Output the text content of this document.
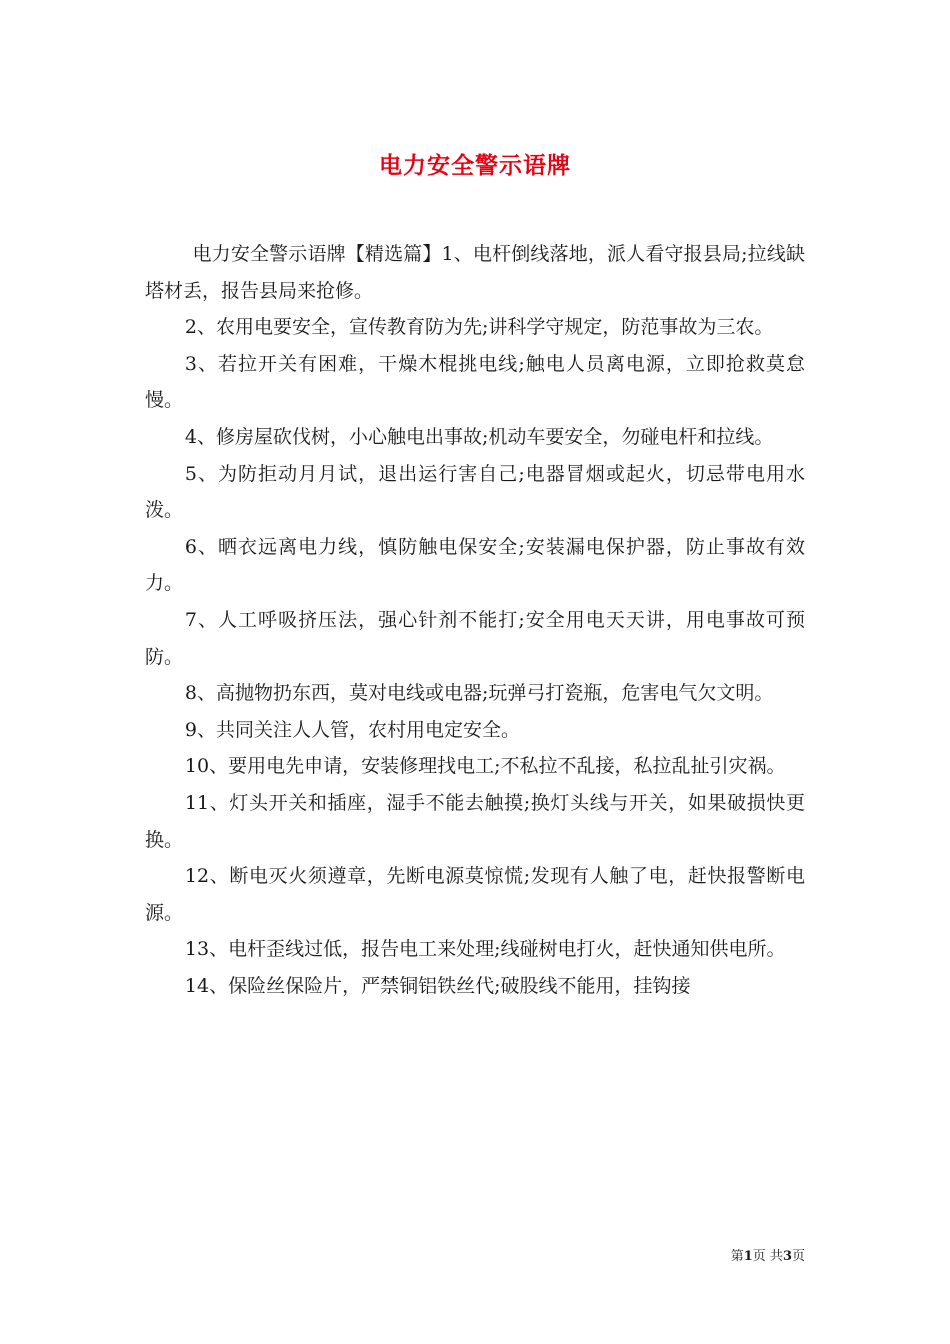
电力安全警示语牌

电力安全警示语牌【精选篇】1、电杆倒线落地，派人看守报县局;拉线缺塔材丢，报告县局来抢修。

2、农用电要安全，宣传教育防为先;讲科学守规定，防范事故为三农。

3、若拉开关有困难，干燥木棍挑电线;触电人员离电源，立即抢救莫怠慢。

4、修房屋砍伐树，小心触电出事故;机动车要安全，勿碰电杆和拉线。

5、为防拒动月月试，退出运行害自己;电器冒烟或起火，切忌带电用水泼。

6、晒衣远离电力线，慎防触电保安全;安装漏电保护器，防止事故有效力。

7、人工呼吸挤压法，强心针剂不能打;安全用电天天讲，用电事故可预防。

8、高抛物扔东西，莫对电线或电器;玩弹弓打瓷瓶，危害电气欠文明。

9、共同关注人人管，农村用电定安全。

10、要用电先申请，安装修理找电工;不私拉不乱接，私拉乱扯引灾祸。

11、灯头开关和插座，湿手不能去触摸;换灯头线与开关，如果破损快更换。

12、断电灭火须遵章，先断电源莫惊慌;发现有人触了电，赶快报警断电源。

13、电杆歪线过低，报告电工来处理;线碰树电打火，赶快通知供电所。

14、保险丝保险片，严禁铜铝铁丝代;破股线不能用，挂钩接

第1页 共3页
